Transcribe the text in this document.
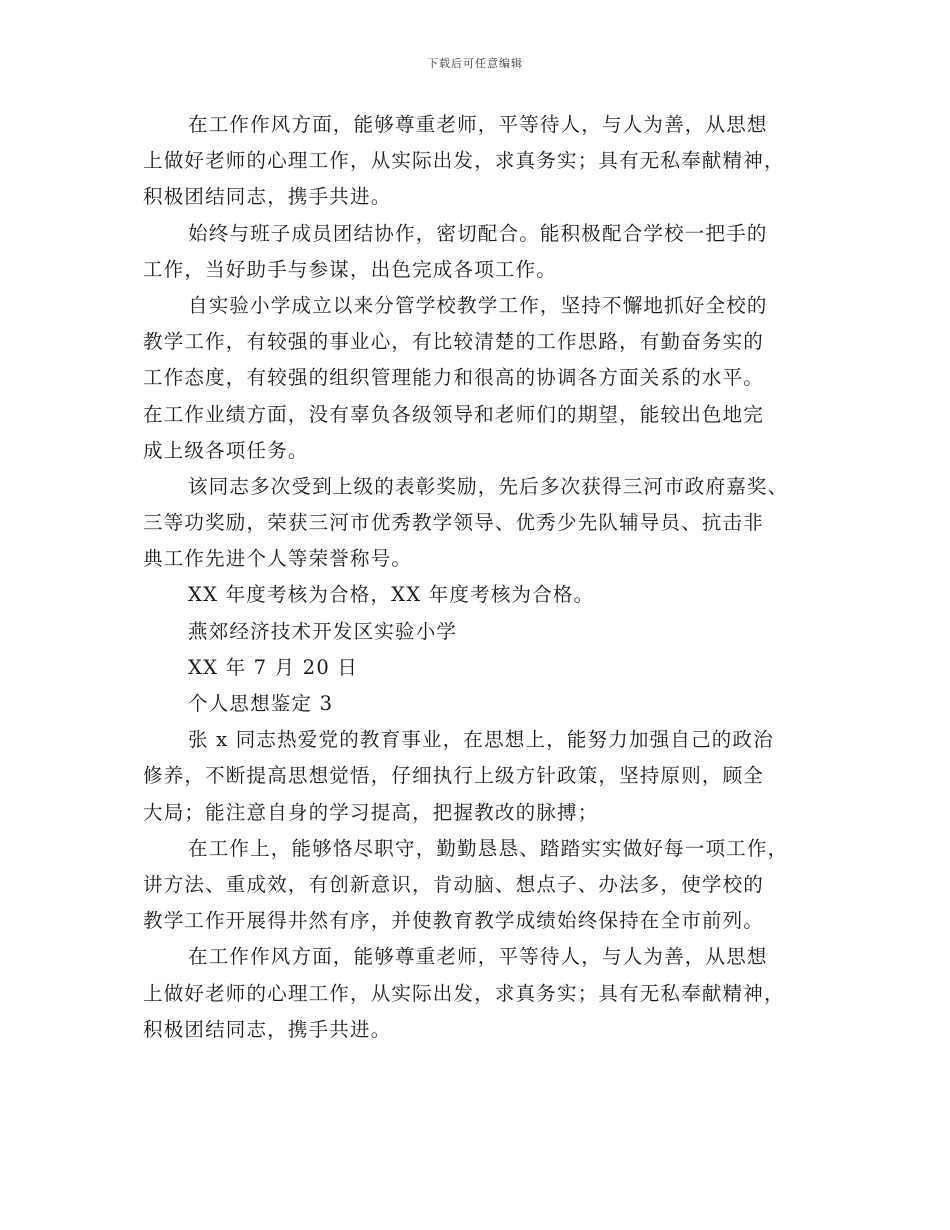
下载后可任意编辑
在工作作风方面，能够尊重老师，平等待人，与人为善，从思想
上做好老师的心理工作，从实际出发，求真务实；具有无私奉献精神，
积极团结同志，携手共进。
始终与班子成员团结协作，密切配合。能积极配合学校一把手的
工作，当好助手与参谋，出色完成各项工作。
自实验小学成立以来分管学校教学工作，坚持不懈地抓好全校的
教学工作，有较强的事业心，有比较清楚的工作思路，有勤奋务实的
工作态度，有较强的组织管理能力和很高的协调各方面关系的水平。
在工作业绩方面，没有辜负各级领导和老师们的期望，能较出色地完
成上级各项任务。
该同志多次受到上级的表彰奖励，先后多次获得三河市政府嘉奖、
三等功奖励，荣获三河市优秀教学领导、优秀少先队辅导员、抗击非
典工作先进个人等荣誉称号。
XX 年度考核为合格，XX 年度考核为合格。
燕郊经济技术开发区实验小学
XX 年 7 月 20 日
个人思想鉴定 3
张 x 同志热爱党的教育事业，在思想上，能努力加强自己的政治
修养，不断提高思想觉悟，仔细执行上级方针政策，坚持原则，顾全
大局；能注意自身的学习提高，把握教改的脉搏；
在工作上，能够恪尽职守，勤勤恳恳、踏踏实实做好每一项工作，
讲方法、重成效，有创新意识，肯动脑、想点子、办法多，使学校的
教学工作开展得井然有序，并使教育教学成绩始终保持在全市前列。
在工作作风方面，能够尊重老师，平等待人，与人为善，从思想
上做好老师的心理工作，从实际出发，求真务实；具有无私奉献精神，
积极团结同志，携手共进。
